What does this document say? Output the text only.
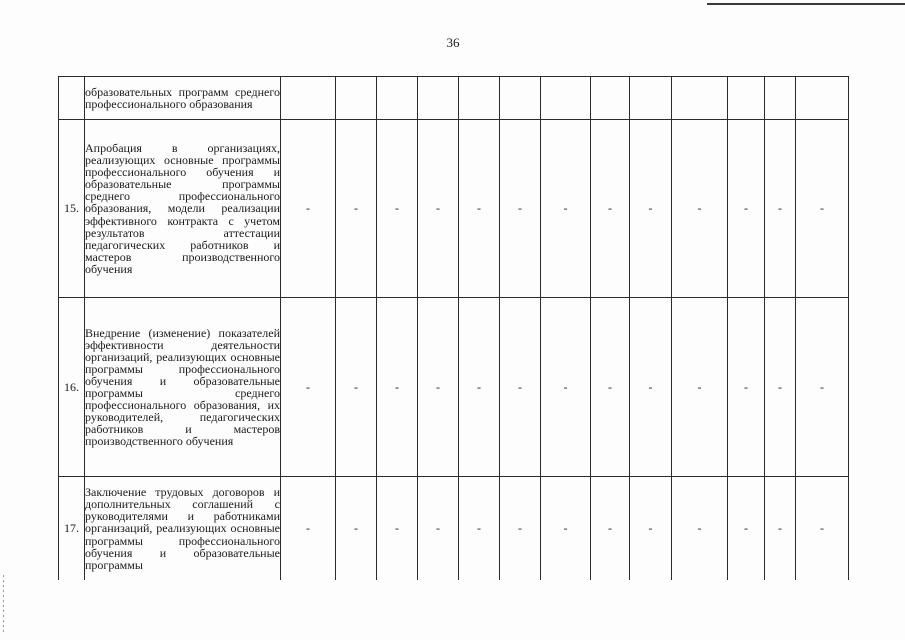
36
	образовательных программ среднего профессионального образования													
15.	Апробация в организациях, реализующих основные программы профессионального обучения и образовательные программы среднего профессионального образования, модели реализации эффективного контракта с учетом результатов аттестации педагогических работников и мастеров производственного обучения	-	-	-	-	-	-	-	-	-	-	-	-	-
16.	Внедрение (изменение) показателей эффективности деятельности организаций, реализующих основные программы профессионального обучения и образовательные программы среднего профессионального образования, их руководителей, педагогических работников и мастеров производственного обучения	-	-	-	-	-	-	-	-	-	-	-	-	-
17.	Заключение трудовых договоров и дополнительных соглашений с руководителями и работниками организаций, реализующих основные программы профессионального обучения и образовательные программы	-	-	-	-	-	-	-	-	-	-	-	-	-
